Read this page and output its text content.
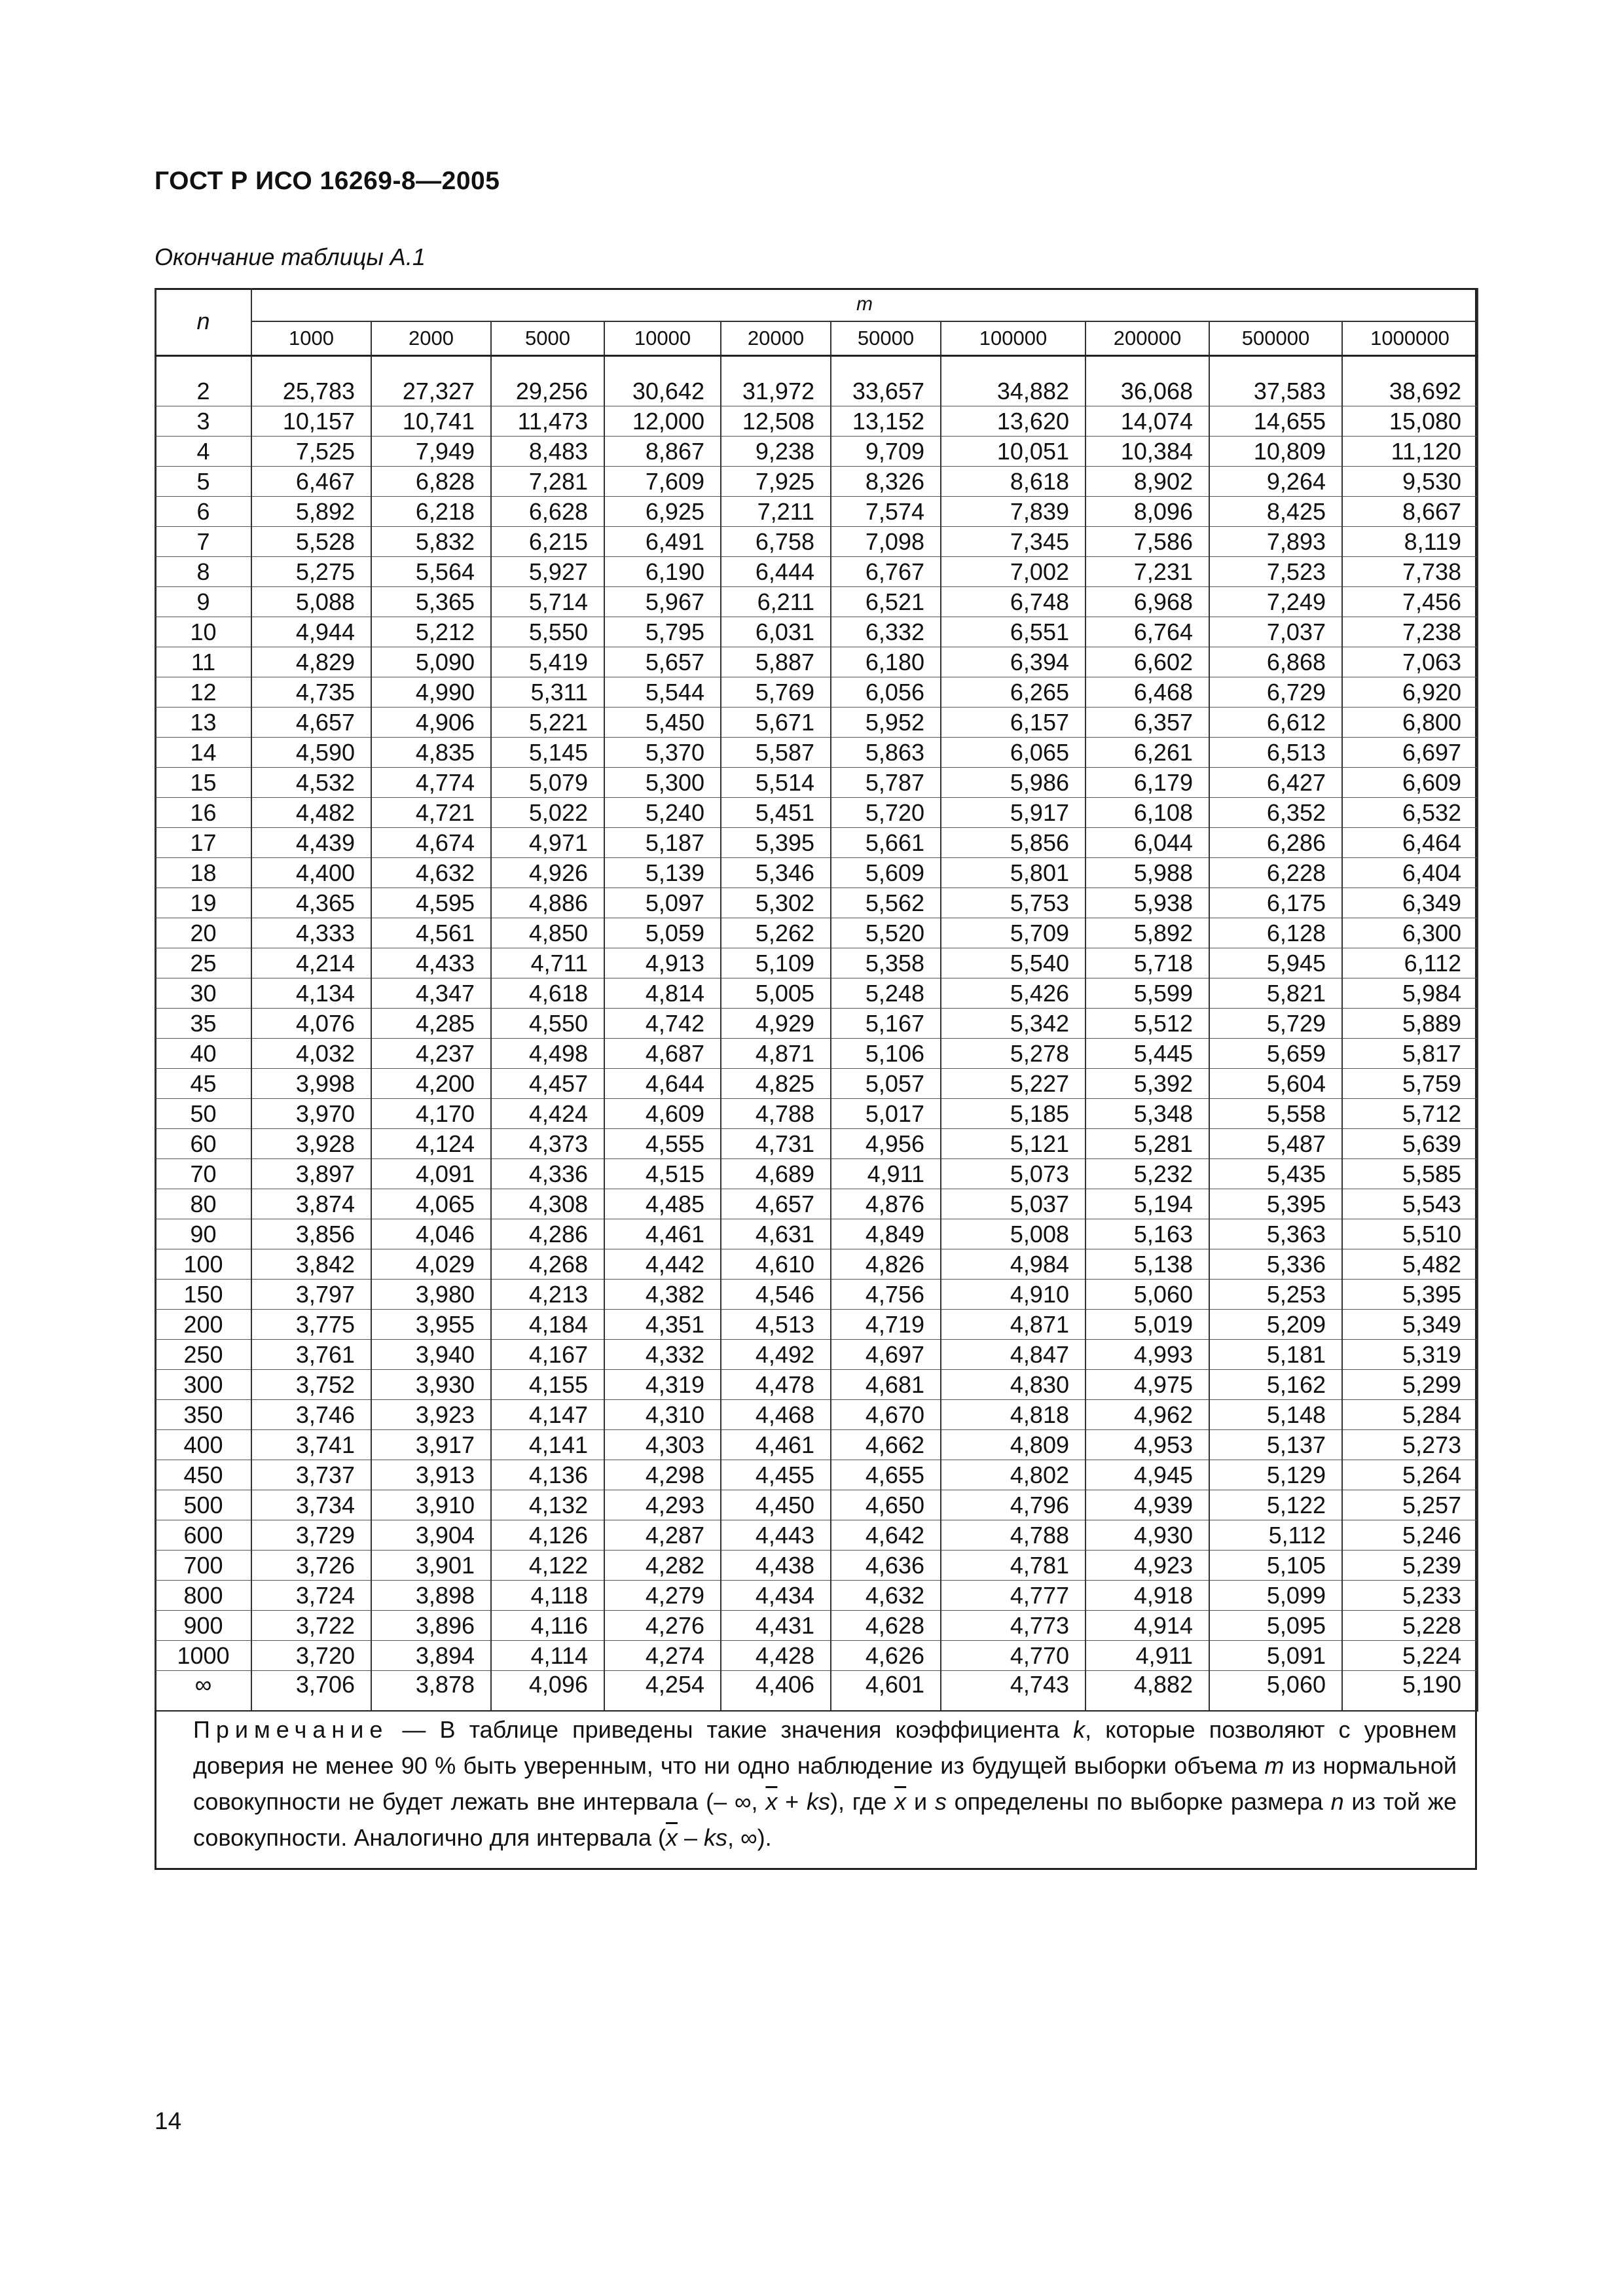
ГОСТ Р ИСО 16269-8—2005
Окончание таблицы А.1
n	m									
	1000	2000	5000	10000	20000	50000	100000	200000	500000	1000000

2	25,783	27,327	29,256	30,642	31,972	33,657	34,882	36,068	37,583	38,692
3	10,157	10,741	11,473	12,000	12,508	13,152	13,620	14,074	14,655	15,080
4	7,525	7,949	8,483	8,867	9,238	9,709	10,051	10,384	10,809	11,120
5	6,467	6,828	7,281	7,609	7,925	8,326	8,618	8,902	9,264	9,530
6	5,892	6,218	6,628	6,925	7,211	7,574	7,839	8,096	8,425	8,667
7	5,528	5,832	6,215	6,491	6,758	7,098	7,345	7,586	7,893	8,119
8	5,275	5,564	5,927	6,190	6,444	6,767	7,002	7,231	7,523	7,738
9	5,088	5,365	5,714	5,967	6,211	6,521	6,748	6,968	7,249	7,456
10	4,944	5,212	5,550	5,795	6,031	6,332	6,551	6,764	7,037	7,238
11	4,829	5,090	5,419	5,657	5,887	6,180	6,394	6,602	6,868	7,063
12	4,735	4,990	5,311	5,544	5,769	6,056	6,265	6,468	6,729	6,920
13	4,657	4,906	5,221	5,450	5,671	5,952	6,157	6,357	6,612	6,800
14	4,590	4,835	5,145	5,370	5,587	5,863	6,065	6,261	6,513	6,697
15	4,532	4,774	5,079	5,300	5,514	5,787	5,986	6,179	6,427	6,609
16	4,482	4,721	5,022	5,240	5,451	5,720	5,917	6,108	6,352	6,532
17	4,439	4,674	4,971	5,187	5,395	5,661	5,856	6,044	6,286	6,464
18	4,400	4,632	4,926	5,139	5,346	5,609	5,801	5,988	6,228	6,404
19	4,365	4,595	4,886	5,097	5,302	5,562	5,753	5,938	6,175	6,349
20	4,333	4,561	4,850	5,059	5,262	5,520	5,709	5,892	6,128	6,300
25	4,214	4,433	4,711	4,913	5,109	5,358	5,540	5,718	5,945	6,112
30	4,134	4,347	4,618	4,814	5,005	5,248	5,426	5,599	5,821	5,984
35	4,076	4,285	4,550	4,742	4,929	5,167	5,342	5,512	5,729	5,889
40	4,032	4,237	4,498	4,687	4,871	5,106	5,278	5,445	5,659	5,817
45	3,998	4,200	4,457	4,644	4,825	5,057	5,227	5,392	5,604	5,759
50	3,970	4,170	4,424	4,609	4,788	5,017	5,185	5,348	5,558	5,712
60	3,928	4,124	4,373	4,555	4,731	4,956	5,121	5,281	5,487	5,639
70	3,897	4,091	4,336	4,515	4,689	4,911	5,073	5,232	5,435	5,585
80	3,874	4,065	4,308	4,485	4,657	4,876	5,037	5,194	5,395	5,543
90	3,856	4,046	4,286	4,461	4,631	4,849	5,008	5,163	5,363	5,510
100	3,842	4,029	4,268	4,442	4,610	4,826	4,984	5,138	5,336	5,482
150	3,797	3,980	4,213	4,382	4,546	4,756	4,910	5,060	5,253	5,395
200	3,775	3,955	4,184	4,351	4,513	4,719	4,871	5,019	5,209	5,349
250	3,761	3,940	4,167	4,332	4,492	4,697	4,847	4,993	5,181	5,319
300	3,752	3,930	4,155	4,319	4,478	4,681	4,830	4,975	5,162	5,299
350	3,746	3,923	4,147	4,310	4,468	4,670	4,818	4,962	5,148	5,284
400	3,741	3,917	4,141	4,303	4,461	4,662	4,809	4,953	5,137	5,273
450	3,737	3,913	4,136	4,298	4,455	4,655	4,802	4,945	5,129	5,264
500	3,734	3,910	4,132	4,293	4,450	4,650	4,796	4,939	5,122	5,257
600	3,729	3,904	4,126	4,287	4,443	4,642	4,788	4,930	5,112	5,246
700	3,726	3,901	4,122	4,282	4,438	4,636	4,781	4,923	5,105	5,239
800	3,724	3,898	4,118	4,279	4,434	4,632	4,777	4,918	5,099	5,233
900	3,722	3,896	4,116	4,276	4,431	4,628	4,773	4,914	5,095	5,228
1000	3,720	3,894	4,114	4,274	4,428	4,626	4,770	4,911	5,091	5,224
∞	3,706	3,878	4,096	4,254	4,406	4,601	4,743	4,882	5,060	5,190
Примечание — В таблице приведены такие значения коэффициента k, которые позволяют с уровнем доверия не менее 90 % быть уверенным, что ни одно наблюдение из будущей выборки объема m из нормальной совокупности не будет лежать вне интервала (– ∞, $\overline{x} + ks$), где $\overline{x}$ и s определены по выборке размера n из той же совокупности. Аналогично для интервала ($\overline{x}$ – ks, ∞).
14
